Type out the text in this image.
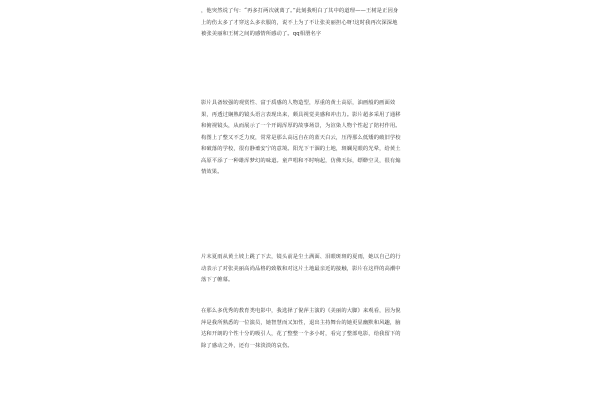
，他突然说了句：“再多打两次就离了。”此刻我明白了其中的道理——王树是正因身上的伤太多了才穿这么多衣服的，说不上为了不让张美丽担心呀!这时我再次深深地被张美丽和王树之间的感情所感动了。qq相册名字

影片具备较强的观赏性、富于质感的人物造型，厚重的黄土高原，油画般的画面效果，再透过娴熟的镜头语言表现出来，颇具视觉美感和冲击力。影片超多采用了通移和俯视镜头，从而展示了一个开阔浑厚的故事场景，为渲染人物个性起了陪衬作用。构图上了整又不乏力度，常常是那么高远自在的蓝天白云，压得那么低矮的破旧学校和破落的学校，很有静谧安宁的意境。阳光下干涸的土地，斑斓晃眼的光晕，给黄土高原平添了一种雄浑梦幻的味道。童声唱和不时响起，仿佛天际，缥缈空灵，很有煽情效果。

片末夏雨从黄土坡上跳了下去，镜头前是尘土满面、泪眼斑斑的夏雨，她以自己的行动表示了对张美丽高尚品格的致敬和对这片土地最亲近的接触，影片在这样的高潮中落下了帷幕。

在那么多优秀的教育类电影中，我选择了倪萍主演的《美丽的大脚》来观看，因为倪萍是我所熟悉的一位演员，她智慧而又知性，退出主持舞台的她更显幽默和风趣，脑达和开朗的个性十分的吸引人，花了整整一个多小时，看完了整部电影，给我留下的除了感动之外，还有一抹淡淡的哀伤。
